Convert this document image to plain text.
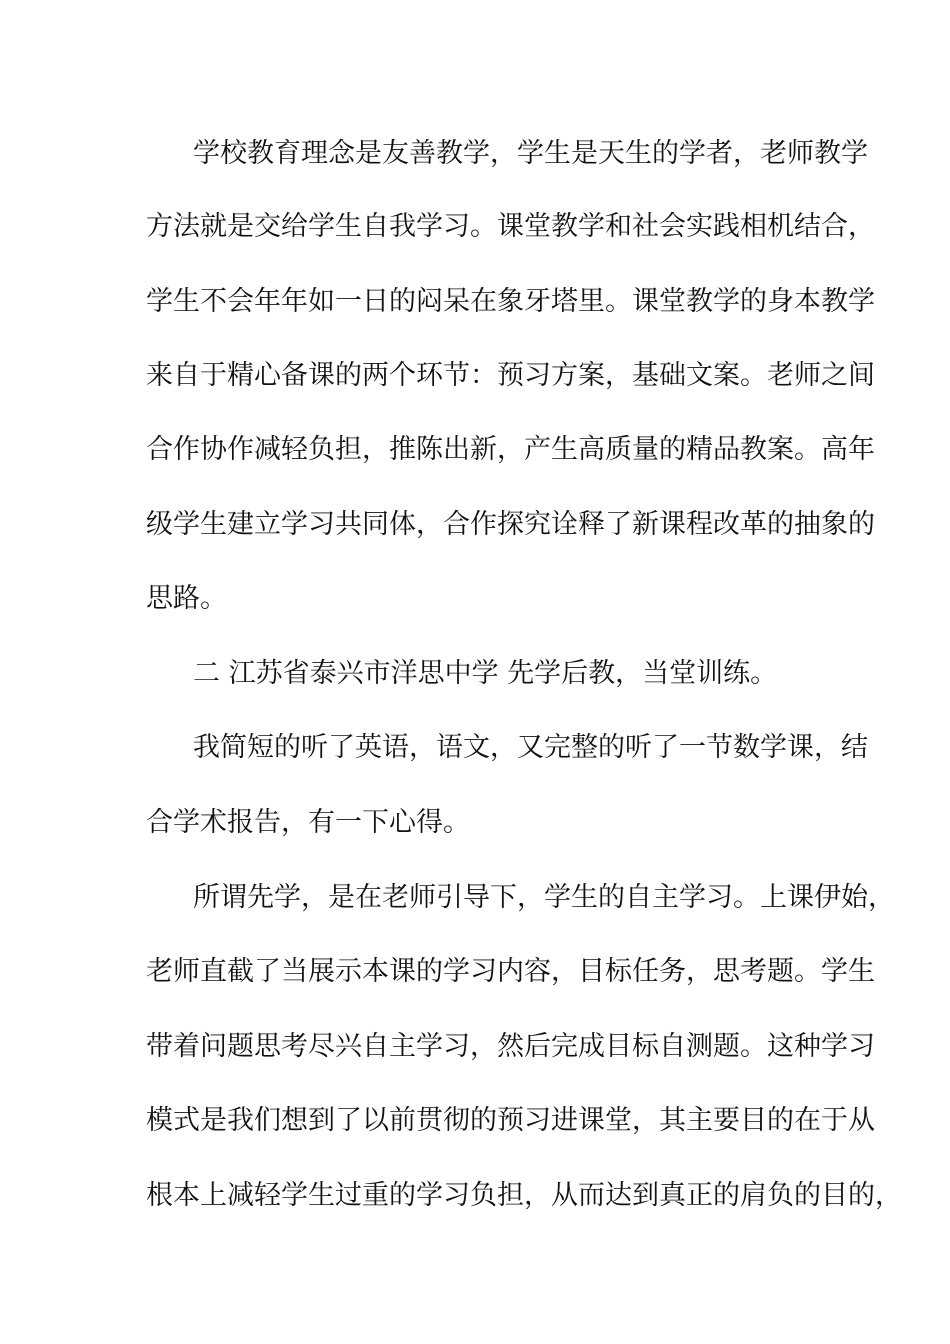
学校教育理念是友善教学，学生是天生的学者，老师教学
方法就是交给学生自我学习。课堂教学和社会实践相机结合，
学生不会年年如一日的闷呆在象牙塔里。课堂教学的身本教学
来自于精心备课的两个环节：预习方案，基础文案。老师之间
合作协作减轻负担，推陈出新，产生高质量的精品教案。高年
级学生建立学习共同体，合作探究诠释了新课程改革的抽象的
思路。
二 江苏省泰兴市洋思中学 先学后教，当堂训练。
我简短的听了英语，语文，又完整的听了一节数学课，结
合学术报告，有一下心得。
所谓先学，是在老师引导下，学生的自主学习。上课伊始，
老师直截了当展示本课的学习内容，目标任务，思考题。学生
带着问题思考尽兴自主学习，然后完成目标自测题。这种学习
模式是我们想到了以前贯彻的预习进课堂，其主要目的在于从
根本上减轻学生过重的学习负担，从而达到真正的肩负的目的，
